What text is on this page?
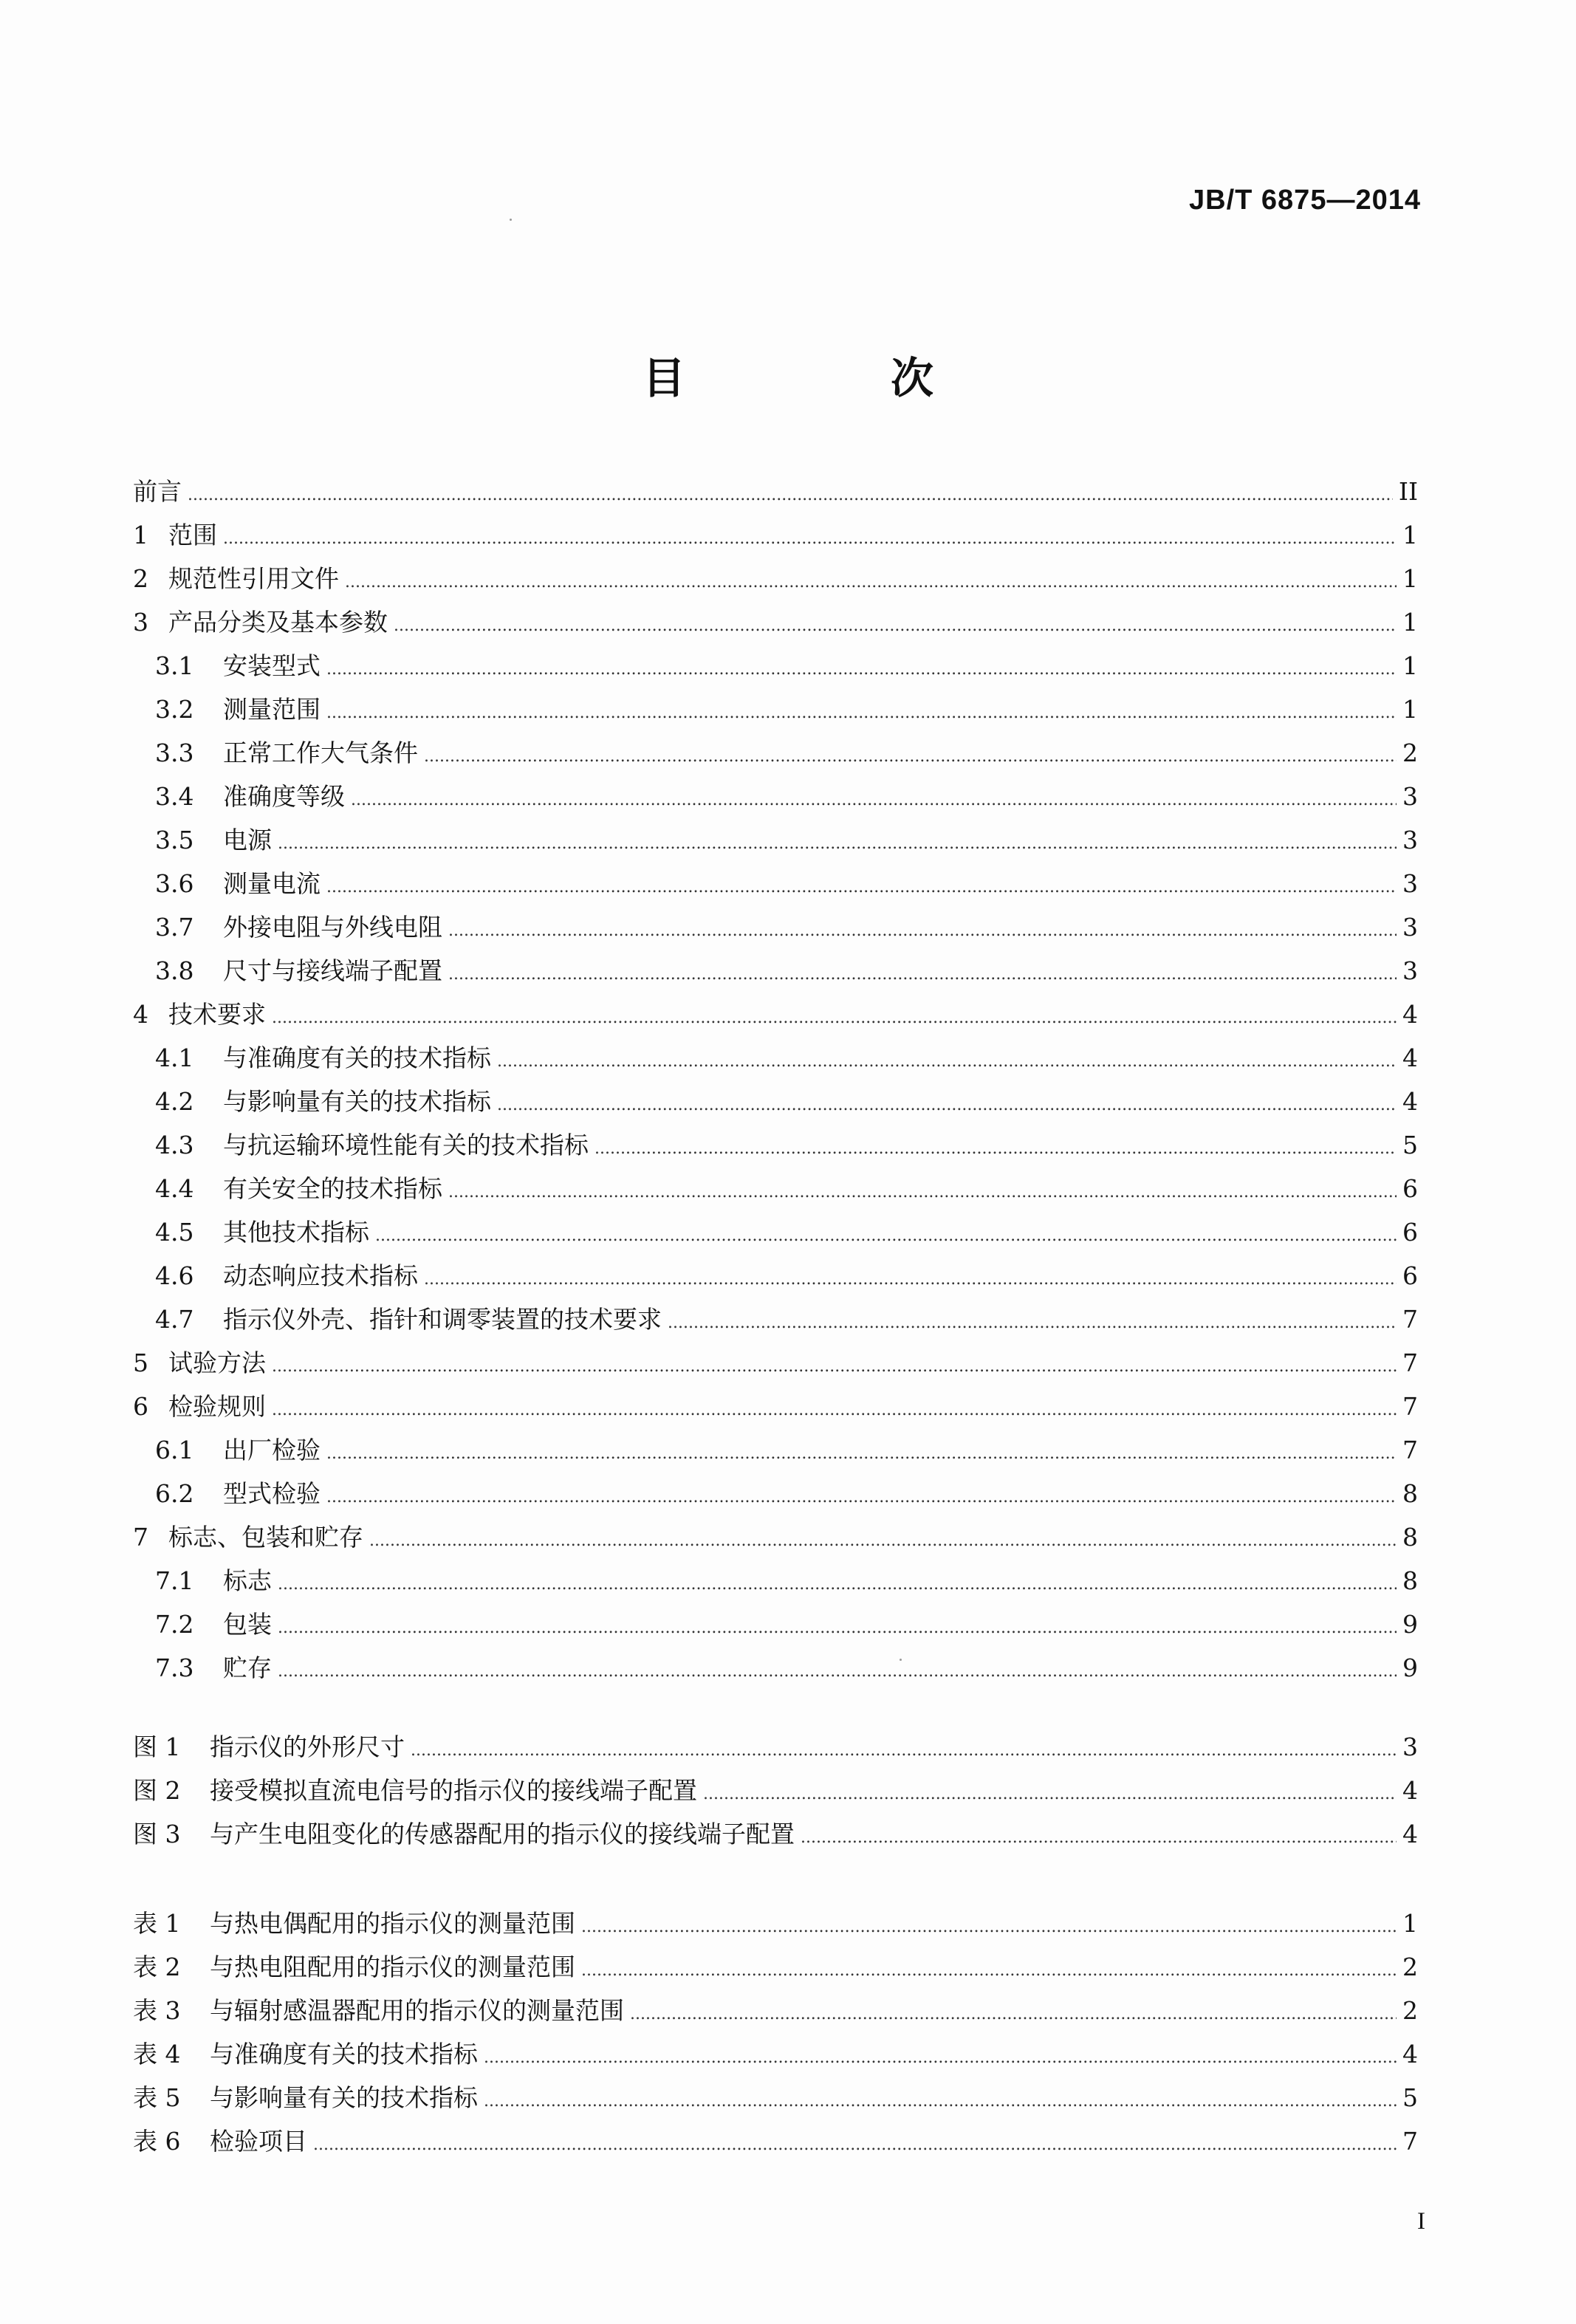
JB/T 6875—2014
目　次
前言 .....	II
1 范围 .....	1
2 规范性引用文件 .....	1
3 产品分类及基本参数 .....	1
3.1	安装型式 .....	1
3.2	测量范围 .....	1
3.3	正常工作大气条件 .....	2
3.4	准确度等级 .....	3
3.5	电源 .....	3
3.6	测量电流 .....	3
3.7	外接电阻与外线电阻 .....	3
3.8	尺寸与接线端子配置 .....	3
4 技术要求 .....	4
4.1	与准确度有关的技术指标 .....	4
4.2	与影响量有关的技术指标 .....	4
4.3	与抗运输环境性能有关的技术指标 .....	5
4.4	有关安全的技术指标 .....	6
4.5	其他技术指标 .....	6
4.6	动态响应技术指标 .....	6
4.7	指示仪外壳、指针和调零装置的技术要求 .....	7
5 试验方法 .....	7
6 检验规则 .....	7
6.1	出厂检验 .....	7
6.2	型式检验 .....	8
7 标志、包装和贮存 .....	8
7.1	标志 .....	8
7.2	包装 .....	9
7.3	贮存 .....	9
图 1	指示仪的外形尺寸 .....	3
图 2	接受模拟直流电信号的指示仪的接线端子配置 .....	4
图 3	与产生电阻变化的传感器配用的指示仪的接线端子配置 .....	4
表 1	与热电偶配用的指示仪的测量范围 .....	1
表 2	与热电阻配用的指示仪的测量范围 .....	2
表 3	与辐射感温器配用的指示仪的测量范围 .....	2
表 4	与准确度有关的技术指标 .....	4
表 5	与影响量有关的技术指标 .....	5
表 6	检验项目 .....	7
I
